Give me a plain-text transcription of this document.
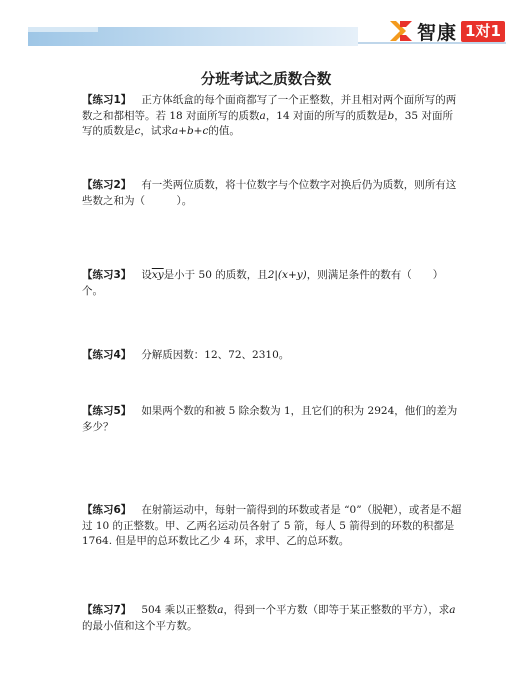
智康 1对1
分班考试之质数合数
【练习1】 正方体纸盒的每个面商都写了一个正整数，并且相对两个面所写的两数之和都相等。若 18 对面所写的质数a，14 对面的所写的质数是b，35 对面所写的质数是c，试求a+b+c的值。
【练习2】 有一类两位质数，将十位数字与个位数字对换后仍为质数，则所有这些数之和为（　　　）。
【练习3】 设$\overline{xy}$是小于 50 的质数，且2|(x+y)，则满足条件的数有（　　）个。
【练习4】 分解质因数：12、72、2310。
【练习5】 如果两个数的和被 5 除余数为 1，且它们的积为 2924，他们的差为多少？
【练习6】 在射箭运动中，每射一箭得到的环数或者是 “0”（脱靶），或者是不超过 10 的正整数。甲、乙两名运动员各射了 5 箭，每人 5 箭得到的环数的积都是 1764. 但是甲的总环数比乙少 4 环，求甲、乙的总环数。
【练习7】 504 乘以正整数a，得到一个平方数（即等于某正整数的平方），求a的最小值和这个平方数。
